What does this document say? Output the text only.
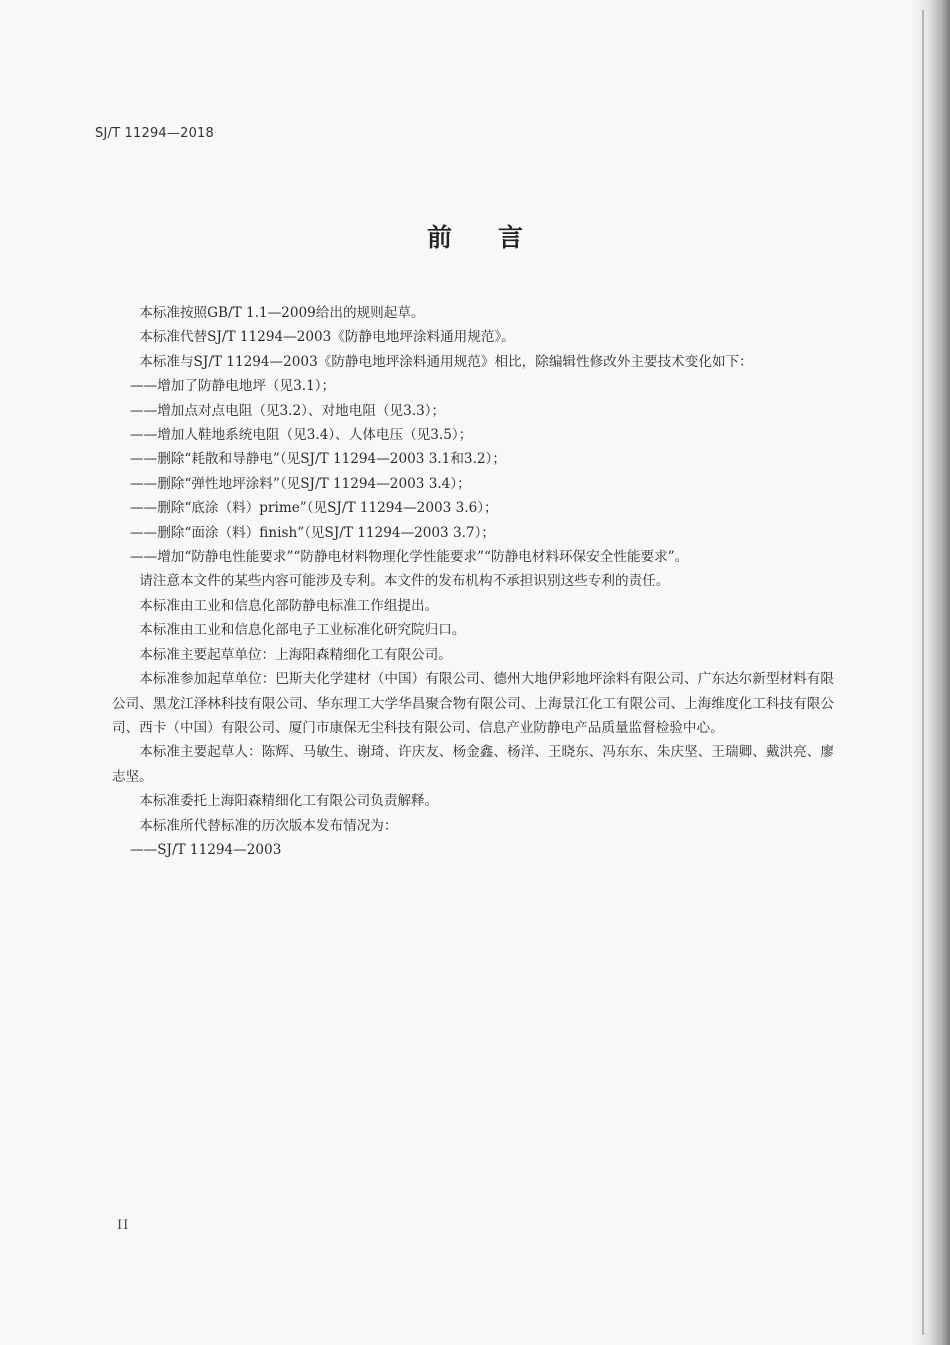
SJ/T 11294—2018
前言

本标准按照GB/T 1.1—2009给出的规则起草。

本标准代替SJ/T 11294—2003《防静电地坪涂料通用规范》。

本标准与SJ/T 11294—2003《防静电地坪涂料通用规范》相比，除编辑性修改外主要技术变化如下：

——增加了防静电地坪（见3.1）；

——增加点对点电阻（见3.2）、对地电阻（见3.3）；

——增加人鞋地系统电阻（见3.4）、人体电压（见3.5）；

——删除“耗散和导静电”（见SJ/T 11294—2003 3.1和3.2）；

——删除“弹性地坪涂料”（见SJ/T 11294—2003 3.4）；

——删除“底涂（料）prime”（见SJ/T 11294—2003 3.6）；

——删除“面涂（料）finish”（见SJ/T 11294—2003 3.7）；

——增加“防静电性能要求”“防静电材料物理化学性能要求”“防静电材料环保安全性能要求”。

请注意本文件的某些内容可能涉及专利。本文件的发布机构不承担识别这些专利的责任。

本标准由工业和信息化部防静电标准工作组提出。

本标准由工业和信息化部电子工业标准化研究院归口。

本标准主要起草单位：上海阳森精细化工有限公司。

本标准参加起草单位：巴斯夫化学建材（中国）有限公司、德州大地伊彩地坪涂料有限公司、广东达尔新型材料有限公司、黑龙江泽林科技有限公司、华东理工大学华昌聚合物有限公司、上海景江化工有限公司、上海维度化工科技有限公司、西卡（中国）有限公司、厦门市康保无尘科技有限公司、信息产业防静电产品质量监督检验中心。

本标准主要起草人：陈辉、马敏生、谢琦、许庆友、杨金鑫、杨洋、王晓东、冯东东、朱庆坚、王瑞卿、戴洪亮、廖志坚。

本标准委托上海阳森精细化工有限公司负责解释。

本标准所代替标准的历次版本发布情况为：

——SJ/T 11294—2003

II
